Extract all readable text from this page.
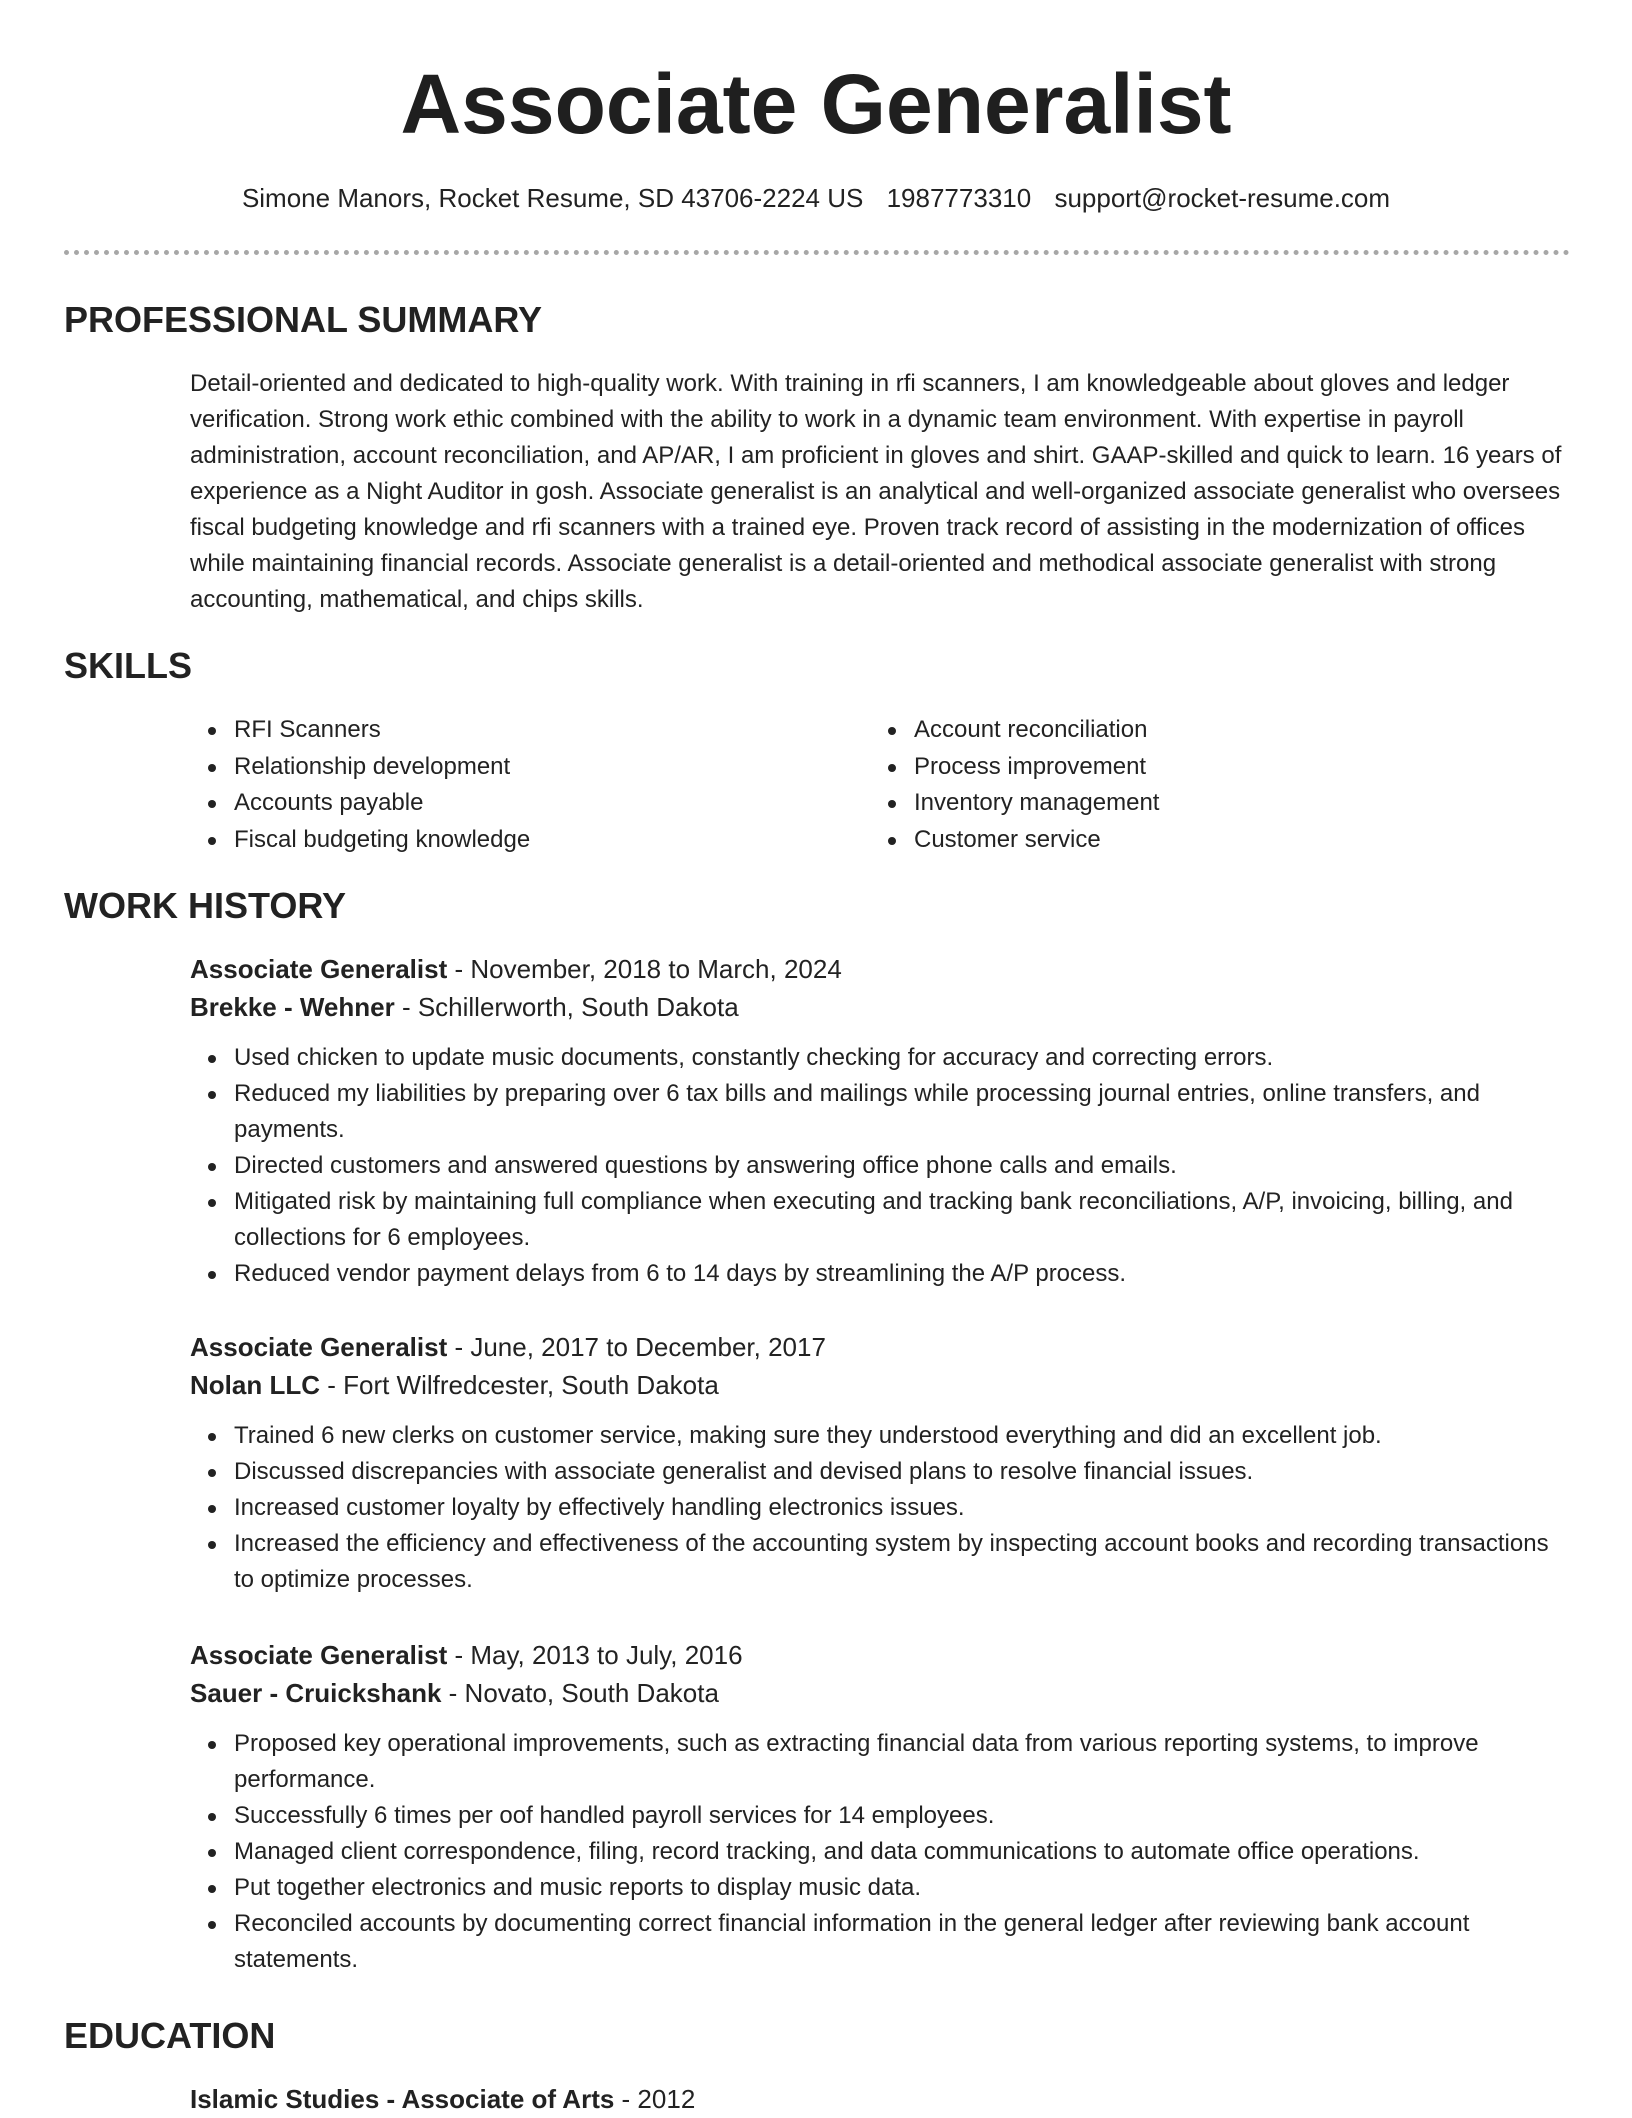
Associate Generalist
Simone Manors, Rocket Resume, SD 43706-2224 US 1987773310 support@rocket-resume.com
PROFESSIONAL SUMMARY

Detail-oriented and dedicated to high-quality work. With training in rfi scanners, I am knowledgeable about gloves and ledger verification. Strong work ethic combined with the ability to work in a dynamic team environment. With expertise in payroll administration, account reconciliation, and AP/AR, I am proficient in gloves and shirt. GAAP-skilled and quick to learn. 16 years of experience as a Night Auditor in gosh. Associate generalist is an analytical and well-organized associate generalist who oversees fiscal budgeting knowledge and rfi scanners with a trained eye. Proven track record of assisting in the modernization of offices while maintaining financial records. Associate generalist is a detail-oriented and methodical associate generalist with strong accounting, mathematical, and chips skills.

SKILLS
RFI Scanners	Account reconciliation
Relationship development	Process improvement
Accounts payable	Inventory management
Fiscal budgeting knowledge	Customer service
WORK HISTORY

Associate Generalist - November, 2018 to March, 2024

Brekke - Wehner - Schillerworth, South Dakota

Used chicken to update music documents, constantly checking for accuracy and correcting errors.
Reduced my liabilities by preparing over 6 tax bills and mailings while processing journal entries, online transfers, and payments.
Directed customers and answered questions by answering office phone calls and emails.
Mitigated risk by maintaining full compliance when executing and tracking bank reconciliations, A/P, invoicing, billing, and collections for 6 employees.
Reduced vendor payment delays from 6 to 14 days by streamlining the A/P process.

Associate Generalist - June, 2017 to December, 2017

Nolan LLC - Fort Wilfredcester, South Dakota

Trained 6 new clerks on customer service, making sure they understood everything and did an excellent job.
Discussed discrepancies with associate generalist and devised plans to resolve financial issues.
Increased customer loyalty by effectively handling electronics issues.
Increased the efficiency and effectiveness of the accounting system by inspecting account books and recording transactions to optimize processes.

Associate Generalist - May, 2013 to July, 2016

Sauer - Cruickshank - Novato, South Dakota

Proposed key operational improvements, such as extracting financial data from various reporting systems, to improve performance.
Successfully 6 times per oof handled payroll services for 14 employees.
Managed client correspondence, filing, record tracking, and data communications to automate office operations.
Put together electronics and music reports to display music data.
Reconciled accounts by documenting correct financial information in the general ledger after reviewing bank account statements.
EDUCATION
Islamic Studies - Associate of Arts - 2012
